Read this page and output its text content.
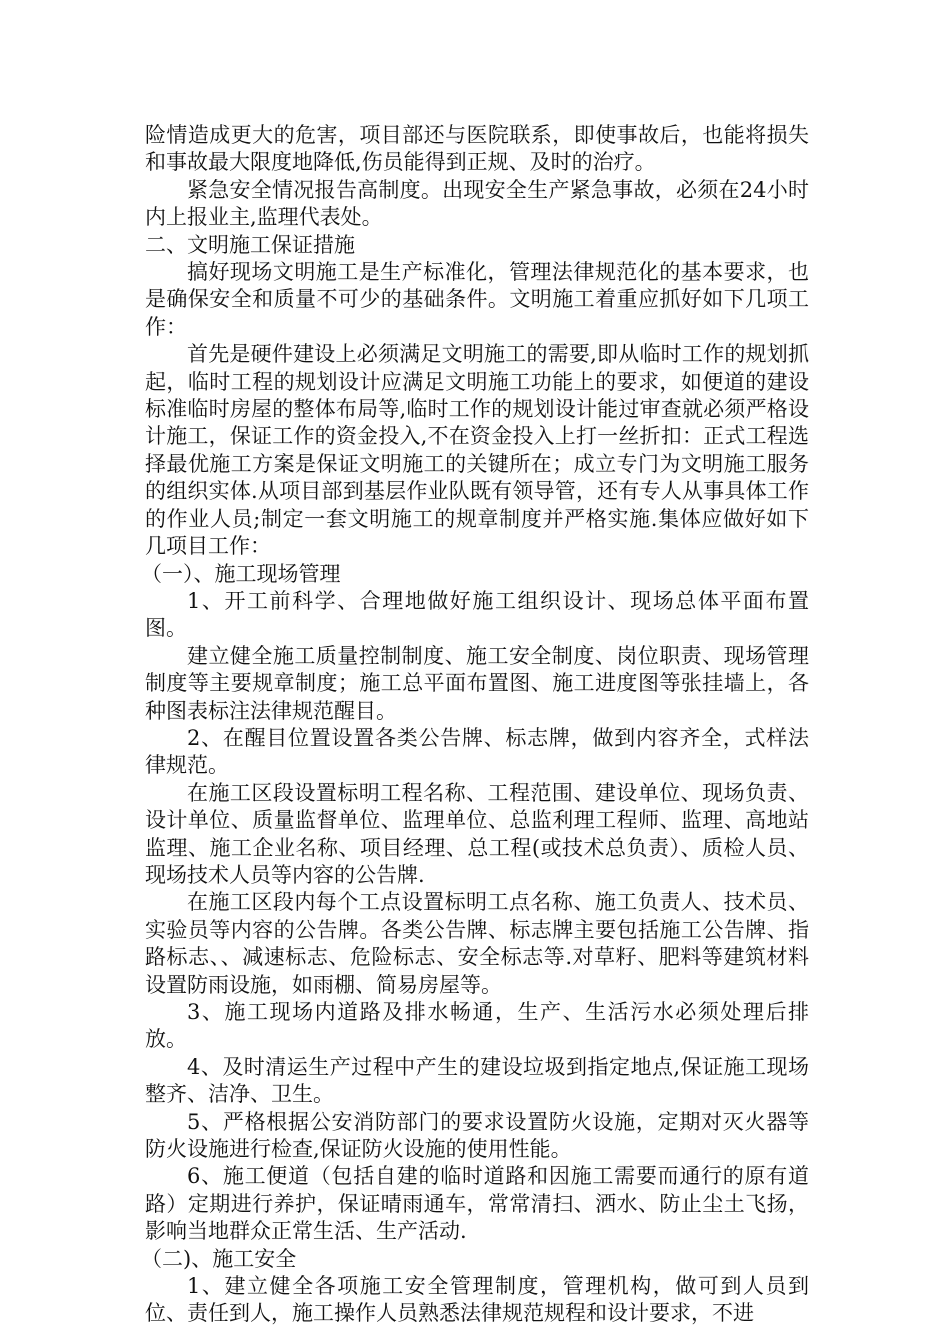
险情造成更大的危害，项目部还与医院联系，即使事故后，也能将损失和事故最大限度地降低,伤员能得到正规、及时的治疗。

紧急安全情况报告高制度。出现安全生产紧急事故，必须在24小时内上报业主,监理代表处。

二、文明施工保证措施

搞好现场文明施工是生产标准化，管理法律规范化的基本要求，也是确保安全和质量不可少的基础条件。文明施工着重应抓好如下几项工作：

首先是硬件建设上必须满足文明施工的需要,即从临时工作的规划抓起，临时工程的规划设计应满足文明施工功能上的要求，如便道的建设标准临时房屋的整体布局等,临时工作的规划设计能过审查就必须严格设计施工，保证工作的资金投入,不在资金投入上打一丝折扣：正式工程选择最优施工方案是保证文明施工的关键所在；成立专门为文明施工服务的组织实体.从项目部到基层作业队既有领导管，还有专人从事具体工作的作业人员;制定一套文明施工的规章制度并严格实施.集体应做好如下几项目工作：

（一）、施工现场管理

1、开工前科学、合理地做好施工组织设计、现场总体平面布置图。

建立健全施工质量控制制度、施工安全制度、岗位职责、现场管理制度等主要规章制度；施工总平面布置图、施工进度图等张挂墙上，各种图表标注法律规范醒目。

2、在醒目位置设置各类公告牌、标志牌，做到内容齐全，式样法律规范。

在施工区段设置标明工程名称、工程范围、建设单位、现场负责、设计单位、质量监督单位、监理单位、总监利理工程师、监理、高地站监理、施工企业名称、项目经理、总工程(或技术总负责）、质检人员、现场技术人员等内容的公告牌.

在施工区段内每个工点设置标明工点名称、施工负责人、技术员、实验员等内容的公告牌。各类公告牌、标志牌主要包括施工公告牌、指路标志、、减速标志、危险标志、安全标志等.对草籽、肥料等建筑材料设置防雨设施，如雨棚、简易房屋等。

3、施工现场内道路及排水畅通，生产、生活污水必须处理后排放。

4、及时清运生产过程中产生的建设垃圾到指定地点,保证施工现场整齐、洁净、卫生。

5、严格根据公安消防部门的要求设置防火设施，定期对灭火器等防火设施进行检查,保证防火设施的使用性能。

6、施工便道（包括自建的临时道路和因施工需要而通行的原有道路）定期进行养护，保证晴雨通车，常常清扫、洒水、防止尘土飞扬，影响当地群众正常生活、生产活动.

（二)、施工安全

1、建立健全各项施工安全管理制度，管理机构，做可到人员到位、责任到人，施工操作人员熟悉法律规范规程和设计要求，不进
